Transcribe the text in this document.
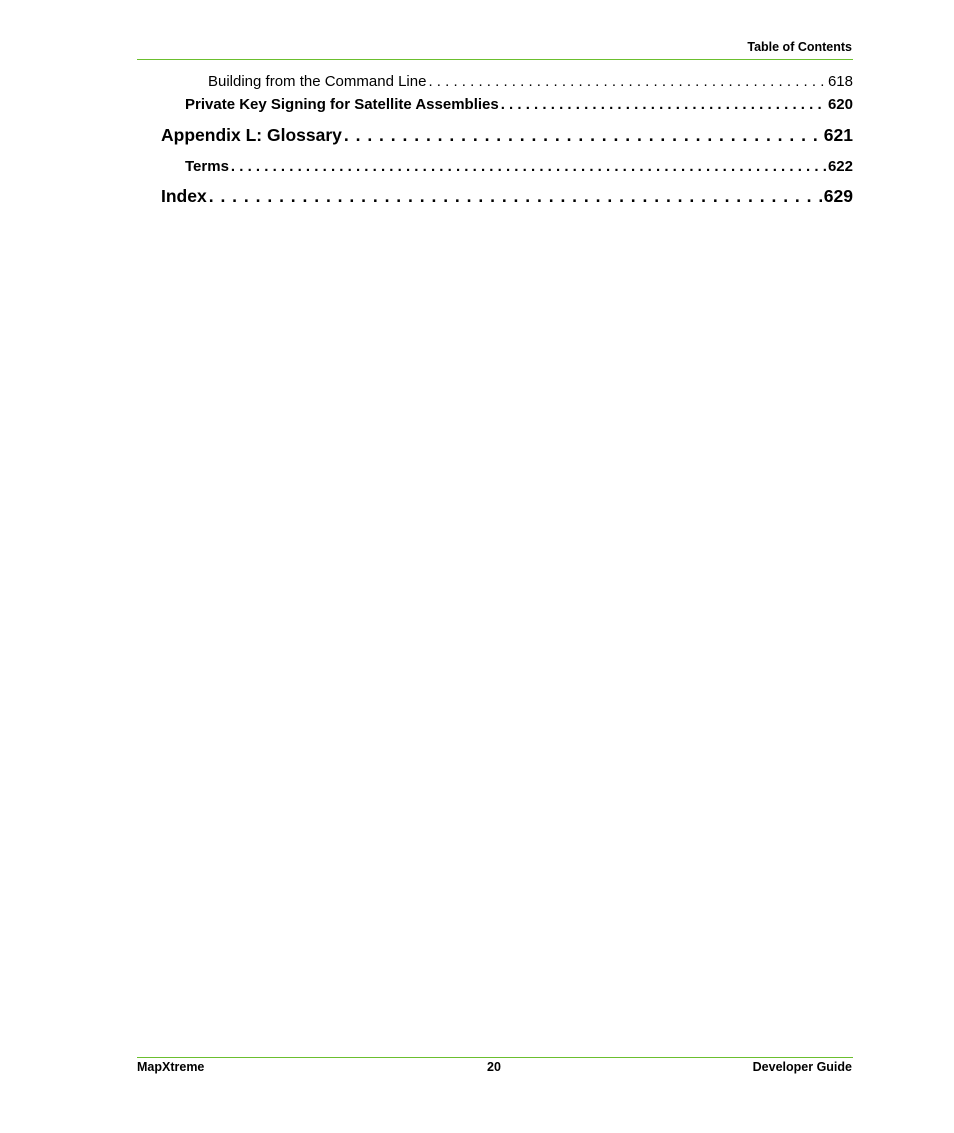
Table of Contents
Building from the Command Line . . .	618
Private Key Signing for Satellite Assemblies . . .	620
Appendix L: Glossary . . .	621
Terms . . .	622
Index . . .	629
MapXtreme	20	Developer Guide
